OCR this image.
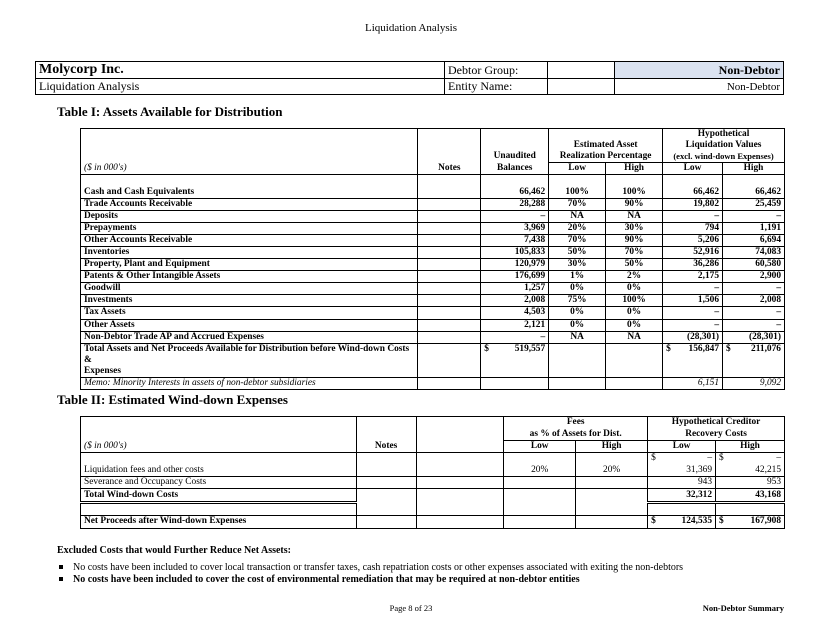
Liquidation Analysis
Molycorp Inc.	Debtor Group:		Non-Debtor
Liquidation Analysis	Entity Name:		Non-Debtor
Table I: Assets Available for Distribution
					Hypothetical	
			Estimated Asset		Liquidation Values	
		Unaudited	Realization Percentage		(excl. wind-down Expenses)	
($ in 000's)	Notes	Balances	Low	High	Low	High

Cash and Cash Equivalents		66,462	100%	100%	66,462	66,462
Trade Accounts Receivable		28,288	70%	90%	19,802	25,459
Deposits		–	NA	NA	–	–
Prepayments		3,969	20%	30%	794	1,191
Other Accounts Receivable		7,438	70%	90%	5,206	6,694
Inventories		105,833	50%	70%	52,916	74,083
Property, Plant and Equipment		120,979	30%	50%	36,286	60,580
Patents & Other Intangible Assets		176,699	1%	2%	2,175	2,900
Goodwill		1,257	0%	0%	–	–
Investments		2,008	75%	100%	1,506	2,008
Tax Assets		4,503	0%	0%	–	–
Other Assets		2,121	0%	0%	–	–
Non-Debtor Trade AP and Accrued Expenses		–	NA	NA	(28,301)	(28,301)
Total Assets and Net Proceeds Available for Distribution before Wind-down Costs &
Expenses		$ 519,557			$ 156,847	$ 211,076
Memo: Minority Interests in assets of non-debtor subsidiaries					6,151	9,092
Table II: Estimated Wind-down Expenses
			Fees		Hypothetical Creditor	
			as % of Assets for Dist.		Recovery Costs	
($ in 000's)	Notes		Low	High	Low	High

					$ –	$ –
Liquidation fees and other costs			20%	20%	31,369	42,215
Severance and Occupancy Costs					943	953
Total Wind-down Costs					32,312	43,168

Net Proceeds after Wind-down Expenses					$ 124,535	$ 167,908
Excluded Costs that would Further Reduce Net Assets:
No costs have been included to cover local transaction or transfer taxes, cash repatriation costs or other expenses associated with exiting the non-debtors
No costs have been included to cover the cost of environmental remediation that may be required at non-debtor entities
Page 8 of 23	Non-Debtor Summary
